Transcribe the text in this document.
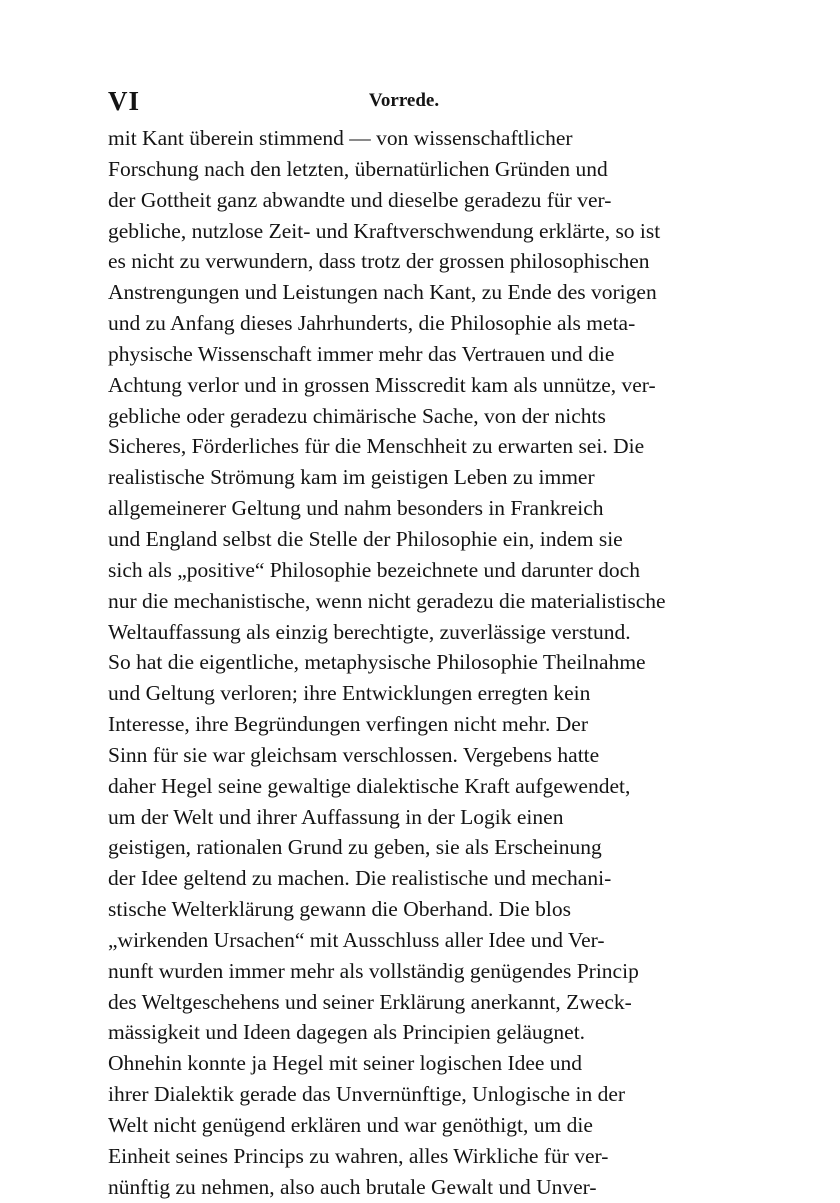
VI	Vorrede.
mit Kant überein stimmend — von wissenschaftlicher
Forschung nach den letzten, übernatürlichen Gründen und
der Gottheit ganz abwandte und dieselbe geradezu für ver-
gebliche, nutzlose Zeit- und Kraftverschwendung erklärte, so ist
es nicht zu verwundern, dass trotz der grossen philosophischen
Anstrengungen und Leistungen nach Kant, zu Ende des vorigen
und zu Anfang dieses Jahrhunderts, die Philosophie als meta-
physische Wissenschaft immer mehr das Vertrauen und die
Achtung verlor und in grossen Misscredit kam als unnütze, ver-
gebliche oder geradezu chimärische Sache, von der nichts
Sicheres, Förderliches für die Menschheit zu erwarten sei. Die
realistische Strömung kam im geistigen Leben zu immer
allgemeinerer Geltung und nahm besonders in Frankreich
und England selbst die Stelle der Philosophie ein, indem sie
sich als „positive“ Philosophie bezeichnete und darunter doch
nur die mechanistische, wenn nicht geradezu die materialistische
Weltauffassung als einzig berechtigte, zuverlässige verstund.
So hat die eigentliche, metaphysische Philosophie Theilnahme
und Geltung verloren; ihre Entwicklungen erregten kein
Interesse, ihre Begründungen verfingen nicht mehr. Der
Sinn für sie war gleichsam verschlossen. Vergebens hatte
daher Hegel seine gewaltige dialektische Kraft aufgewendet,
um der Welt und ihrer Auffassung in der Logik einen
geistigen, rationalen Grund zu geben, sie als Erscheinung
der Idee geltend zu machen. Die realistische und mechani-
stische Welterklärung gewann die Oberhand. Die blos
„wirkenden Ursachen“ mit Ausschluss aller Idee und Ver-
nunft wurden immer mehr als vollständig genügendes Princip
des Weltgeschehens und seiner Erklärung anerkannt, Zweck-
mässigkeit und Ideen dagegen als Principien geläugnet.
Ohnehin konnte ja Hegel mit seiner logischen Idee und
ihrer Dialektik gerade das Unvernünftige, Unlogische in der
Welt nicht genügend erklären und war genöthigt, um die
Einheit seines Princips zu wahren, alles Wirkliche für ver-
nünftig zu nehmen, also auch brutale Gewalt und Unver-
